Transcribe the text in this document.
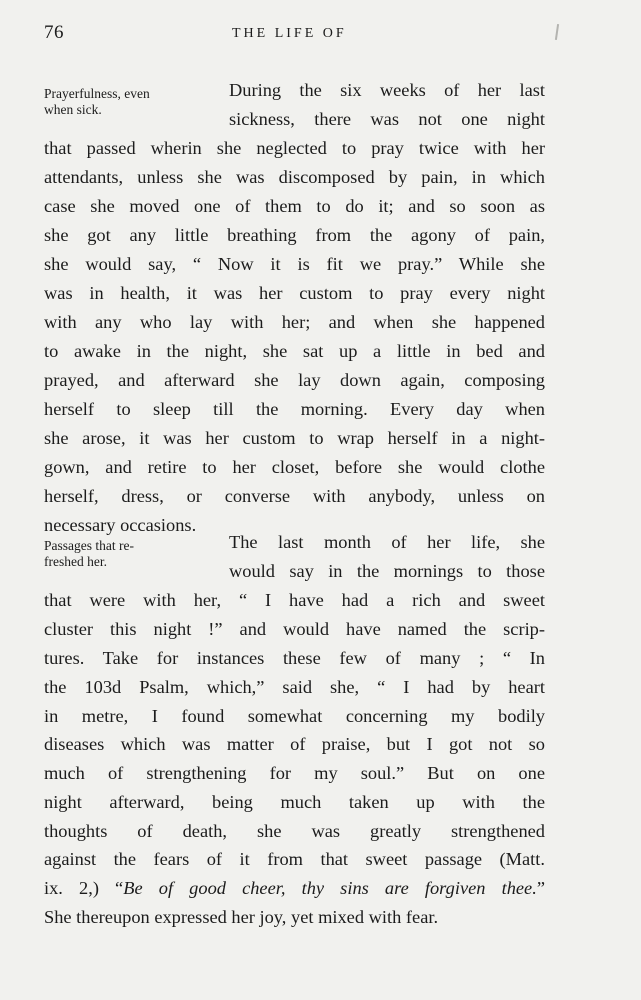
76	THE LIFE OF
Prayerfulness, even
when sick.
During the six weeks of her last
sickness, there was not one night
that passed wherin she neglected to pray twice with her
attendants, unless she was discomposed by pain, in which
case she moved one of them to do it; and so soon as
she got any little breathing from the agony of pain,
she would say, “ Now it is fit we pray.” While she
was in health, it was her custom to pray every night
with any who lay with her; and when she happened
to awake in the night, she sat up a little in bed and
prayed, and afterward she lay down again, composing
herself to sleep till the morning. Every day when
she arose, it was her custom to wrap herself in a night-
gown, and retire to her closet, before she would clothe
herself, dress, or converse with anybody, unless on
necessary occasions.
Passages that re-
freshed her.
The last month of her life, she
would say in the mornings to those
that were with her, “ I have had a rich and sweet
cluster this night !” and would have named the scrip-
tures. Take for instances these few of many ; “ In
the 103d Psalm, which,” said she, “ I had by heart
in metre, I found somewhat concerning my bodily
diseases which was matter of praise, but I got not so
much of strengthening for my soul.” But on one
night afterward, being much taken up with the
thoughts of death, she was greatly strengthened
against the fears of it from that sweet passage (Matt.
ix. 2,) “Be of good cheer, thy sins are forgiven thee.”
She thereupon expressed her joy, yet mixed with fear.
